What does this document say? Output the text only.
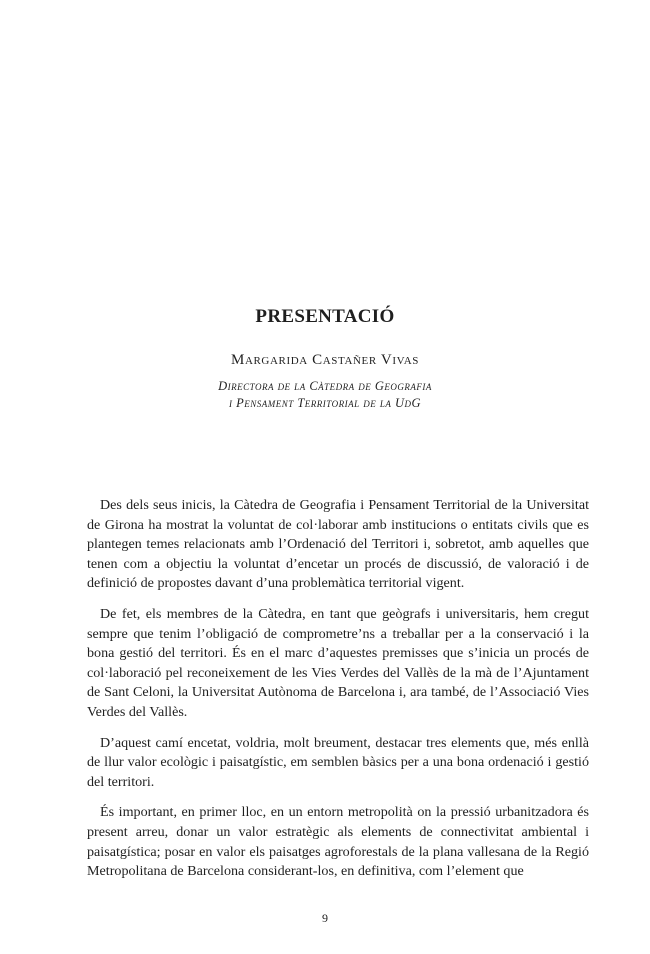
PRESENTACIÓ

Margarida Castañer Vivas

Directora de la Càtedra de Geografia
i Pensament Territorial de la UdG

Des dels seus inicis, la Càtedra de Geografia i Pensament Territorial de la Universitat de Girona ha mostrat la voluntat de col·laborar amb institucions o entitats civils que es plantegen temes relacionats amb l’Ordenació del Territori i, sobretot, amb aquelles que tenen com a objectiu la voluntat d’encetar un procés de discussió, de valoració i de definició de propostes davant d’una problemàtica territorial vigent.

De fet, els membres de la Càtedra, en tant que geògrafs i universitaris, hem cregut sempre que tenim l’obligació de comprometre’ns a treballar per a la conservació i la bona gestió del territori. És en el marc d’aquestes premisses que s’inicia un procés de col·laboració pel reconeixement de les Vies Verdes del Vallès de la mà de l’Ajuntament de Sant Celoni, la Universitat Autònoma de Barcelona i, ara també, de l’Associació Vies Verdes del Vallès.

D’aquest camí encetat, voldria, molt breument, destacar tres elements que, més enllà de llur valor ecològic i paisatgístic, em semblen bàsics per a una bona ordenació i gestió del territori.

És important, en primer lloc, en un entorn metropolità on la pressió urbanitzadora és present arreu, donar un valor estratègic als elements de connectivitat ambiental i paisatgística; posar en valor els paisatges agroforestals de la plana vallesana de la Regió Metropolitana de Barcelona considerant-los, en definitiva, com l’element que

9
